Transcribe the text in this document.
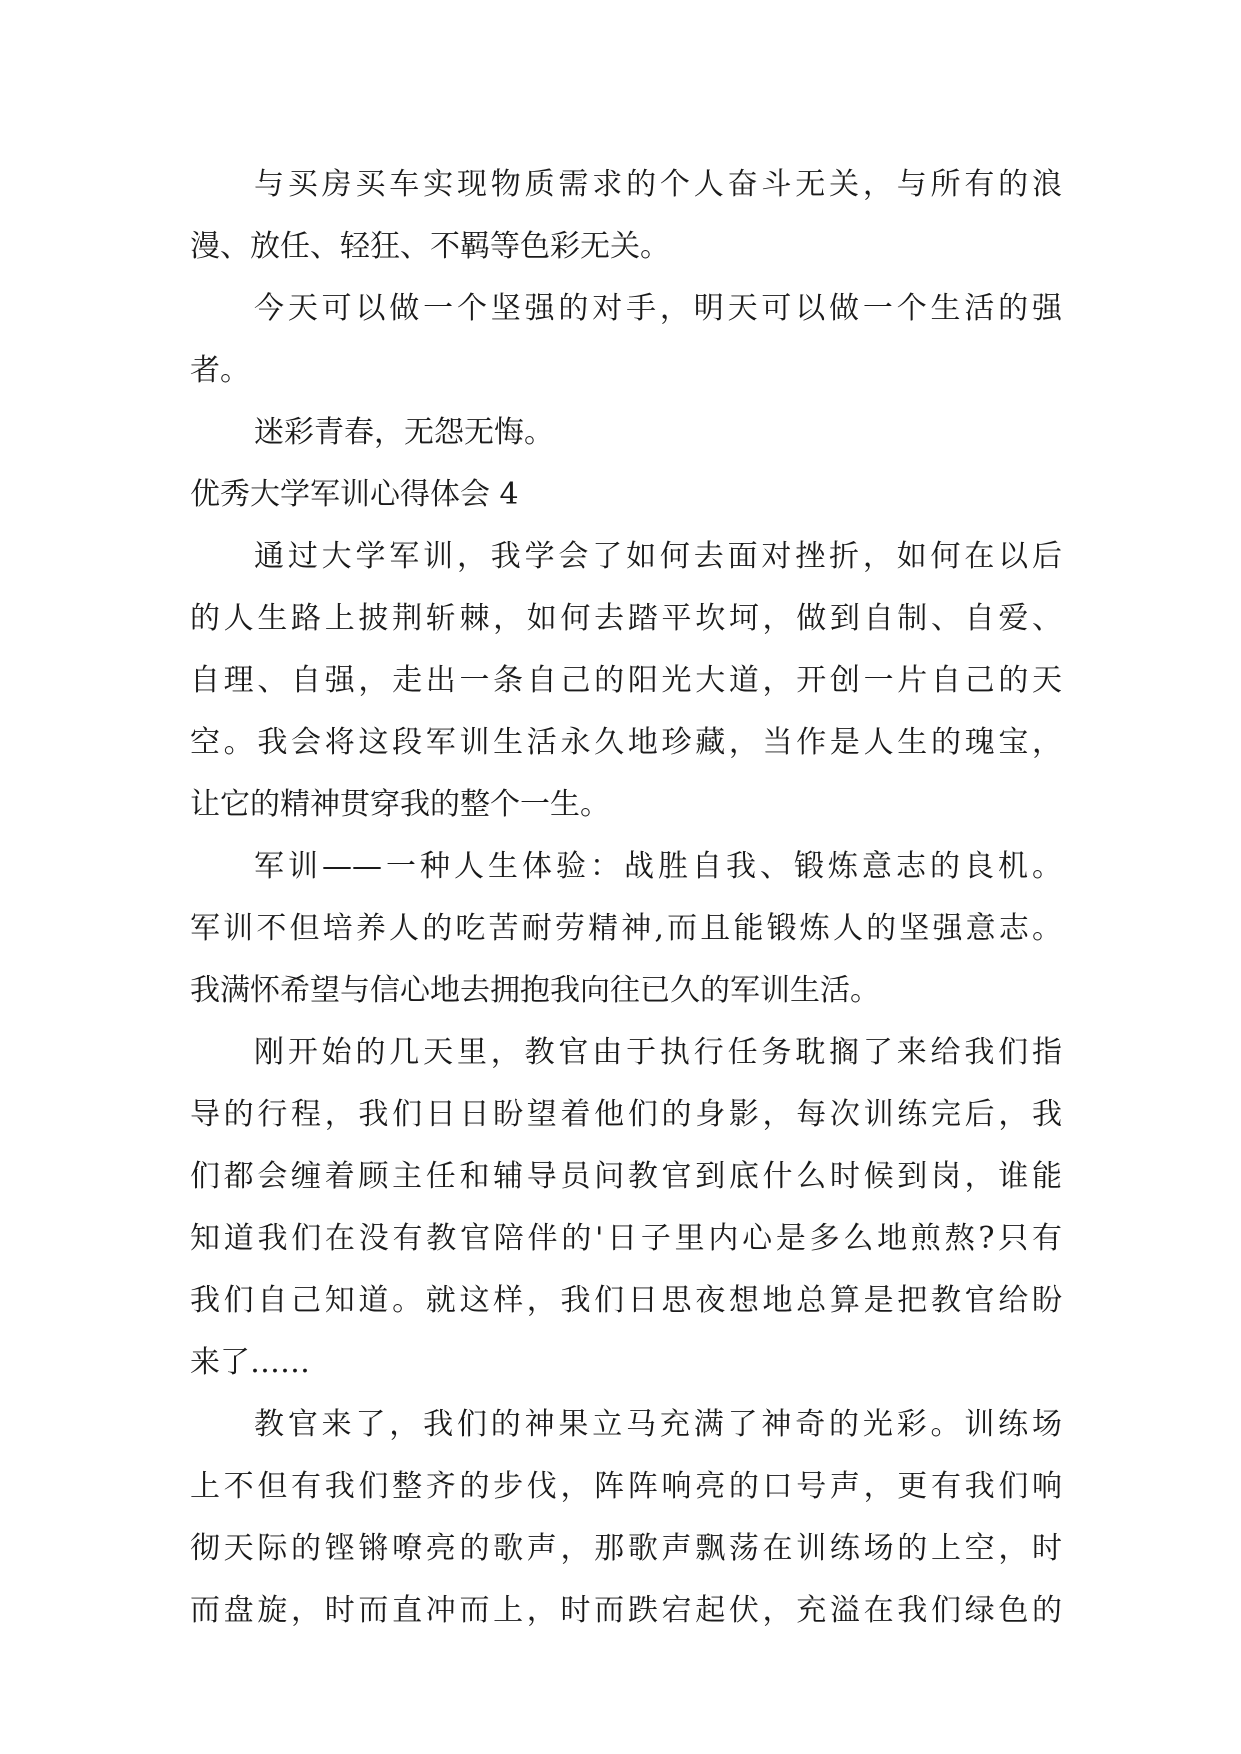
与买房买车实现物质需求的个人奋斗无关，与所有的浪
漫、放任、轻狂、不羁等色彩无关。
今天可以做一个坚强的对手，明天可以做一个生活的强
者。
迷彩青春，无怨无悔。
优秀大学军训心得体会 4
通过大学军训，我学会了如何去面对挫折，如何在以后
的人生路上披荆斩棘，如何去踏平坎坷，做到自制、自爱、
自理、自强，走出一条自己的阳光大道，开创一片自己的天
空。我会将这段军训生活永久地珍藏，当作是人生的瑰宝，
让它的精神贯穿我的整个一生。
军训——一种人生体验：战胜自我、锻炼意志的良机。
军训不但培养人的吃苦耐劳精神,而且能锻炼人的坚强意志。
我满怀希望与信心地去拥抱我向往已久的军训生活。
刚开始的几天里，教官由于执行任务耽搁了来给我们指
导的行程，我们日日盼望着他们的身影，每次训练完后，我
们都会缠着顾主任和辅导员问教官到底什么时候到岗，谁能
知道我们在没有教官陪伴的'日子里内心是多么地煎熬?只有
我们自己知道。就这样，我们日思夜想地总算是把教官给盼
来了……
教官来了，我们的神果立马充满了神奇的光彩。训练场
上不但有我们整齐的步伐，阵阵响亮的口号声，更有我们响
彻天际的铿锵嘹亮的歌声，那歌声飘荡在训练场的上空，时
而盘旋，时而直冲而上，时而跌宕起伏，充溢在我们绿色的
